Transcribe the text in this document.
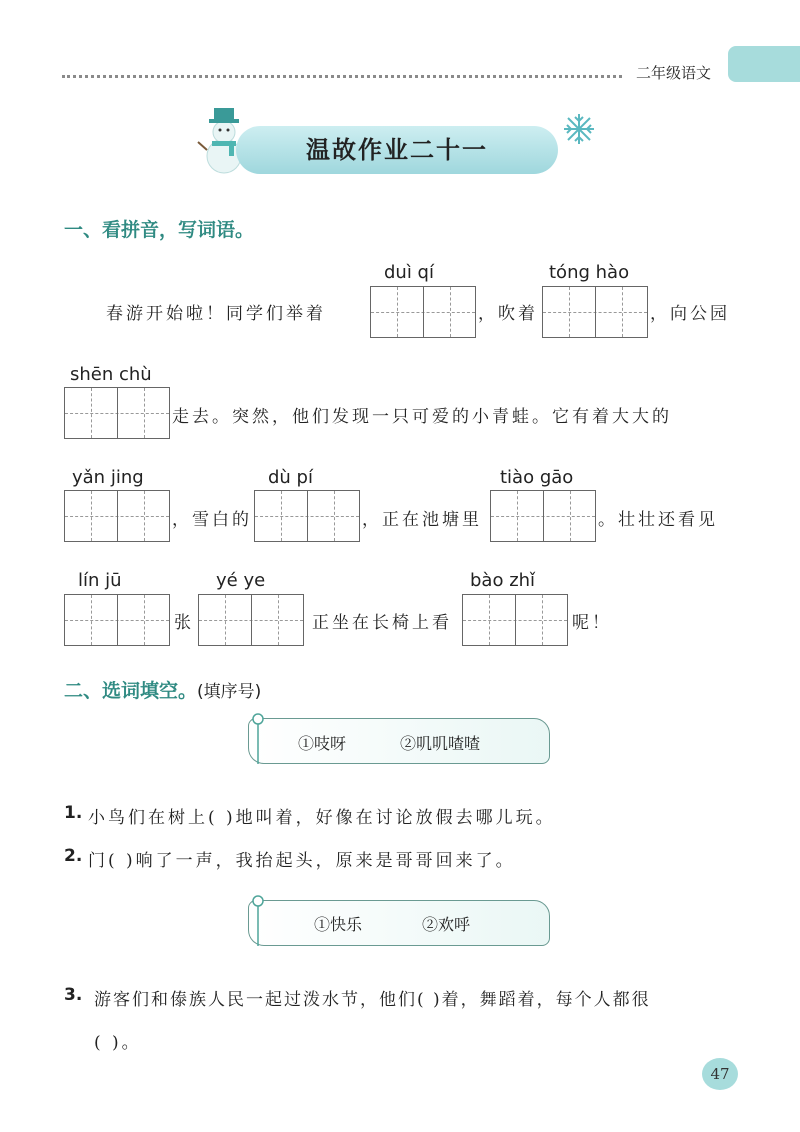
二年级语文
温故作业二十一
一、看拼音，写词语。
duì qí	tóng hào
春游开始啦！同学们举着	，吹着	，向公园
shēn chù
走去。突然，他们发现一只可爱的小青蛙。它有着大大的
yǎn jing	dù pí	tiào gāo
，雪白的	，正在池塘里	。壮壮还看见
lín jū	yé ye	bào zhǐ
张	正坐在长椅上看	呢！
二、选词填空。(填序号)
①吱呀	②叽叽喳喳
1. 小鸟们在树上( )地叫着，好像在讨论放假去哪儿玩。
2. 门( )响了一声，我抬起头，原来是哥哥回来了。
①快乐	②欢呼
3. 游客们和傣族人民一起过泼水节，他们( )着，舞蹈着，每个人都很
( )。
47
